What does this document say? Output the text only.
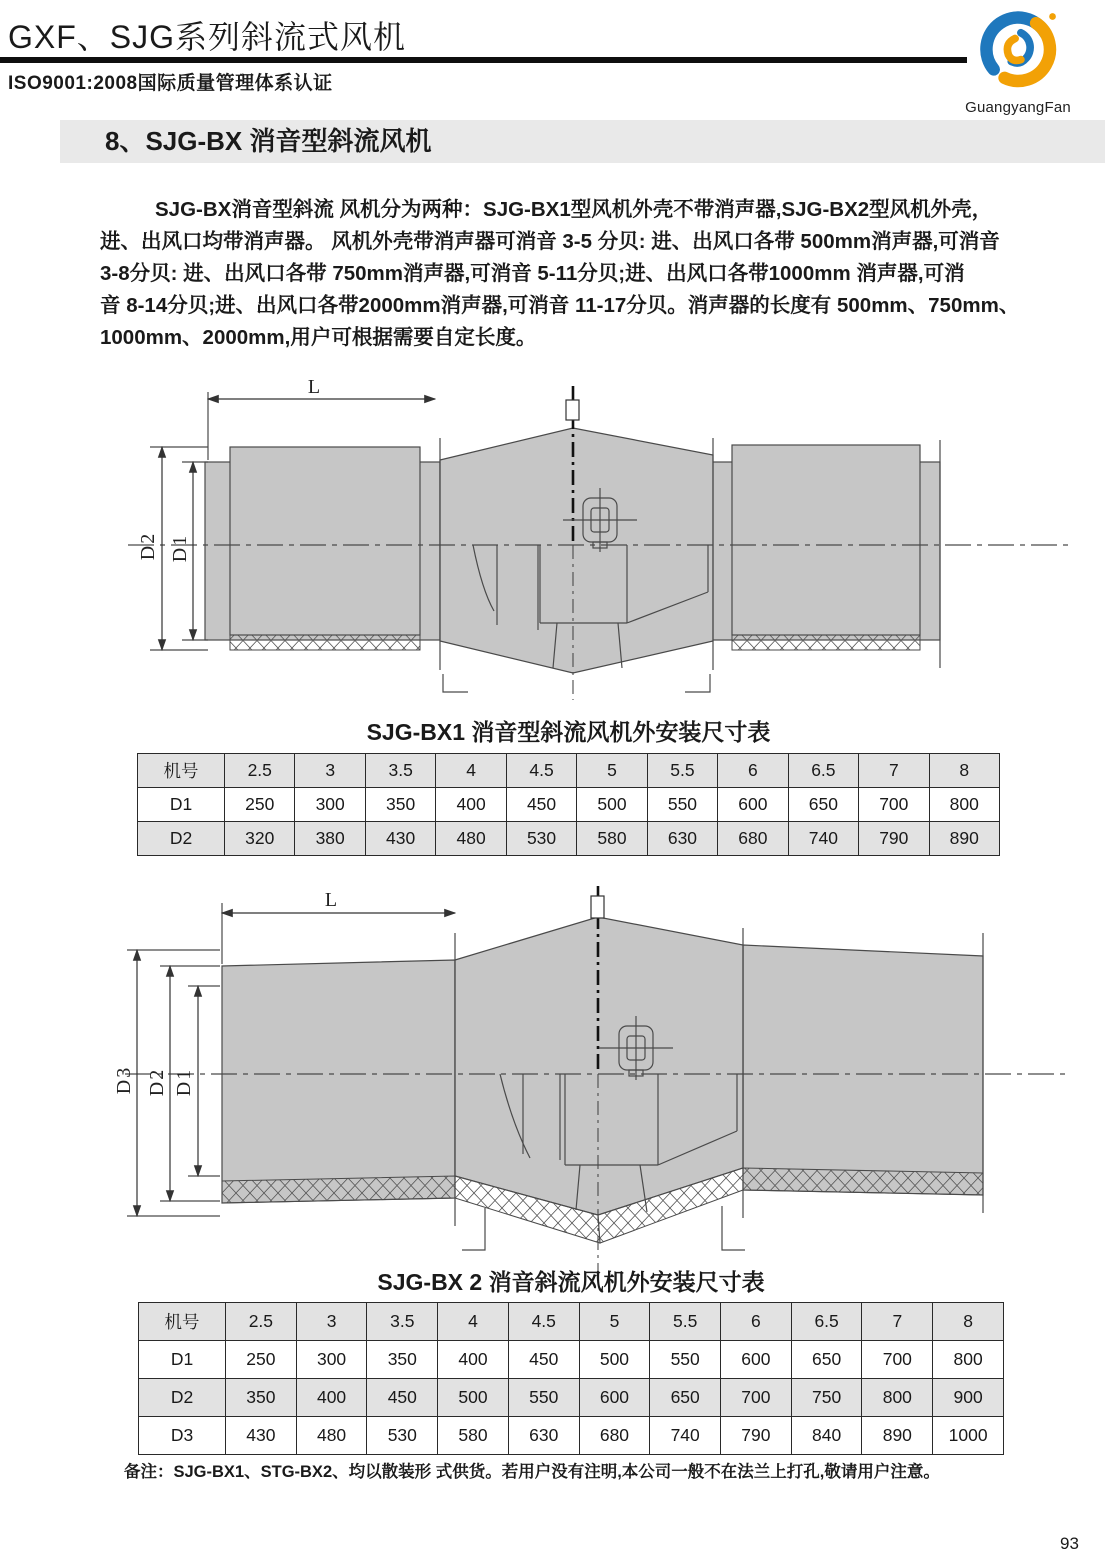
GXF、SJG系列斜流式风机
ISO9001:2008国际质量管理体系认证
GuangyangFan
8、SJG-BX 消音型斜流风机
SJG-BX消音型斜流 风机分为两种：SJG-BX1型风机外壳不带消声器,SJG-BX2型风机外壳，
进、出风口均带消声器。 风机外壳带消声器可消音 3-5 分贝: 进、出风口各带 500mm消声器,可消音
3-8分贝: 进、出风口各带 750mm消声器,可消音 5-11分贝;进、出风口各带1000mm 消声器,可消
音 8-14分贝;进、出风口各带2000mm消声器,可消音 11-17分贝。消声器的长度有 500mm、750mm、
1000mm、2000mm,用户可根据需要自定长度。
L
D2 D1
SJG-BX1 消音型斜流风机外安装尺寸表
机号	2.5	3	3.5	4	4.5	5	5.5	6	6.5	7	8
D1	250	300	350	400	450	500	550	600	650	700	800
D2	320	380	430	480	530	580	630	680	740	790	890
L
D3 D2 D1
SJG-BX 2 消音斜流风机外安装尺寸表
机号	2.5	3	3.5	4	4.5	5	5.5	6	6.5	7	8
D1	250	300	350	400	450	500	550	600	650	700	800
D2	350	400	450	500	550	600	650	700	750	800	900
D3	430	480	530	580	630	680	740	790	840	890	1000
备注：SJG-BX1、STG-BX2、均以散装形 式供货。若用户没有注明,本公司一般不在法兰上打孔,敬请用户注意。
93
